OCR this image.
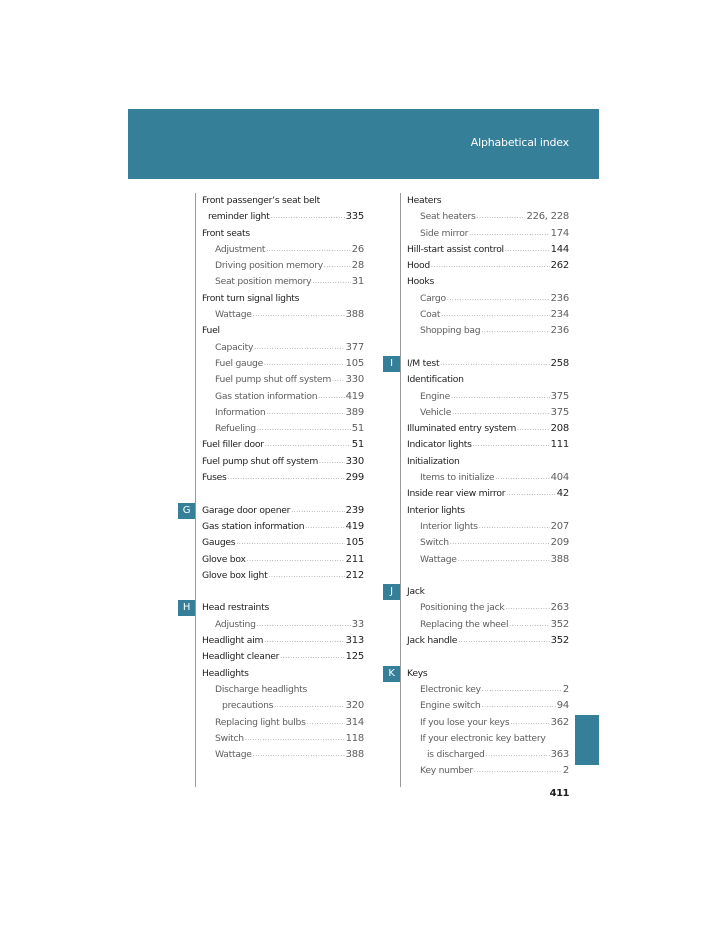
Alphabetical index
Front passenger’s seat belt
reminder light .....	335
Front seats
Adjustment .....	26
Driving position memory .....	28
Seat position memory .....	31
Front turn signal lights
Wattage .....	388
Fuel
Capacity .....	377
Fuel gauge .....	105
Fuel pump shut off system ..... 330
Gas station information .....	419
Information .....	389
Refueling .....	51
Fuel filler door .....	51
Fuel pump shut off system .....	330
Fuses .....	299
G	Garage door opener .....	239
Gas station information .....	419
Gauges .....	105
Glove box .....	211
Glove box light .....	212
H	Head restraints
Adjusting .....	33
Headlight aim .....	313
Headlight cleaner .....	125
Headlights
Discharge headlights
precautions .....	320
Replacing light bulbs .....	314
Switch .....	118
Wattage .....	388
Heaters
Seat heaters .....	226, 228
Side mirror .....	174
Hill-start assist control .....	144
Hood .....	262
Hooks
Cargo .....	236
Coat .....	234
Shopping bag .....	236
I	I/M test .....	258
Identification
Engine .....	375
Vehicle .....	375
Illuminated entry system .....	208
Indicator lights .....	111
Initialization
Items to initialize .....	404
Inside rear view mirror .....	42
Interior lights
Interior lights .....	207
Switch .....	209
Wattage .....	388
J	Jack
Positioning the jack .....	263
Replacing the wheel .....	352
Jack handle .....	352
K	Keys
Electronic key .....	2
Engine switch .....	94
If you lose your keys .....	362
If your electronic key battery
is discharged .....	363
Key number .....	2
411
